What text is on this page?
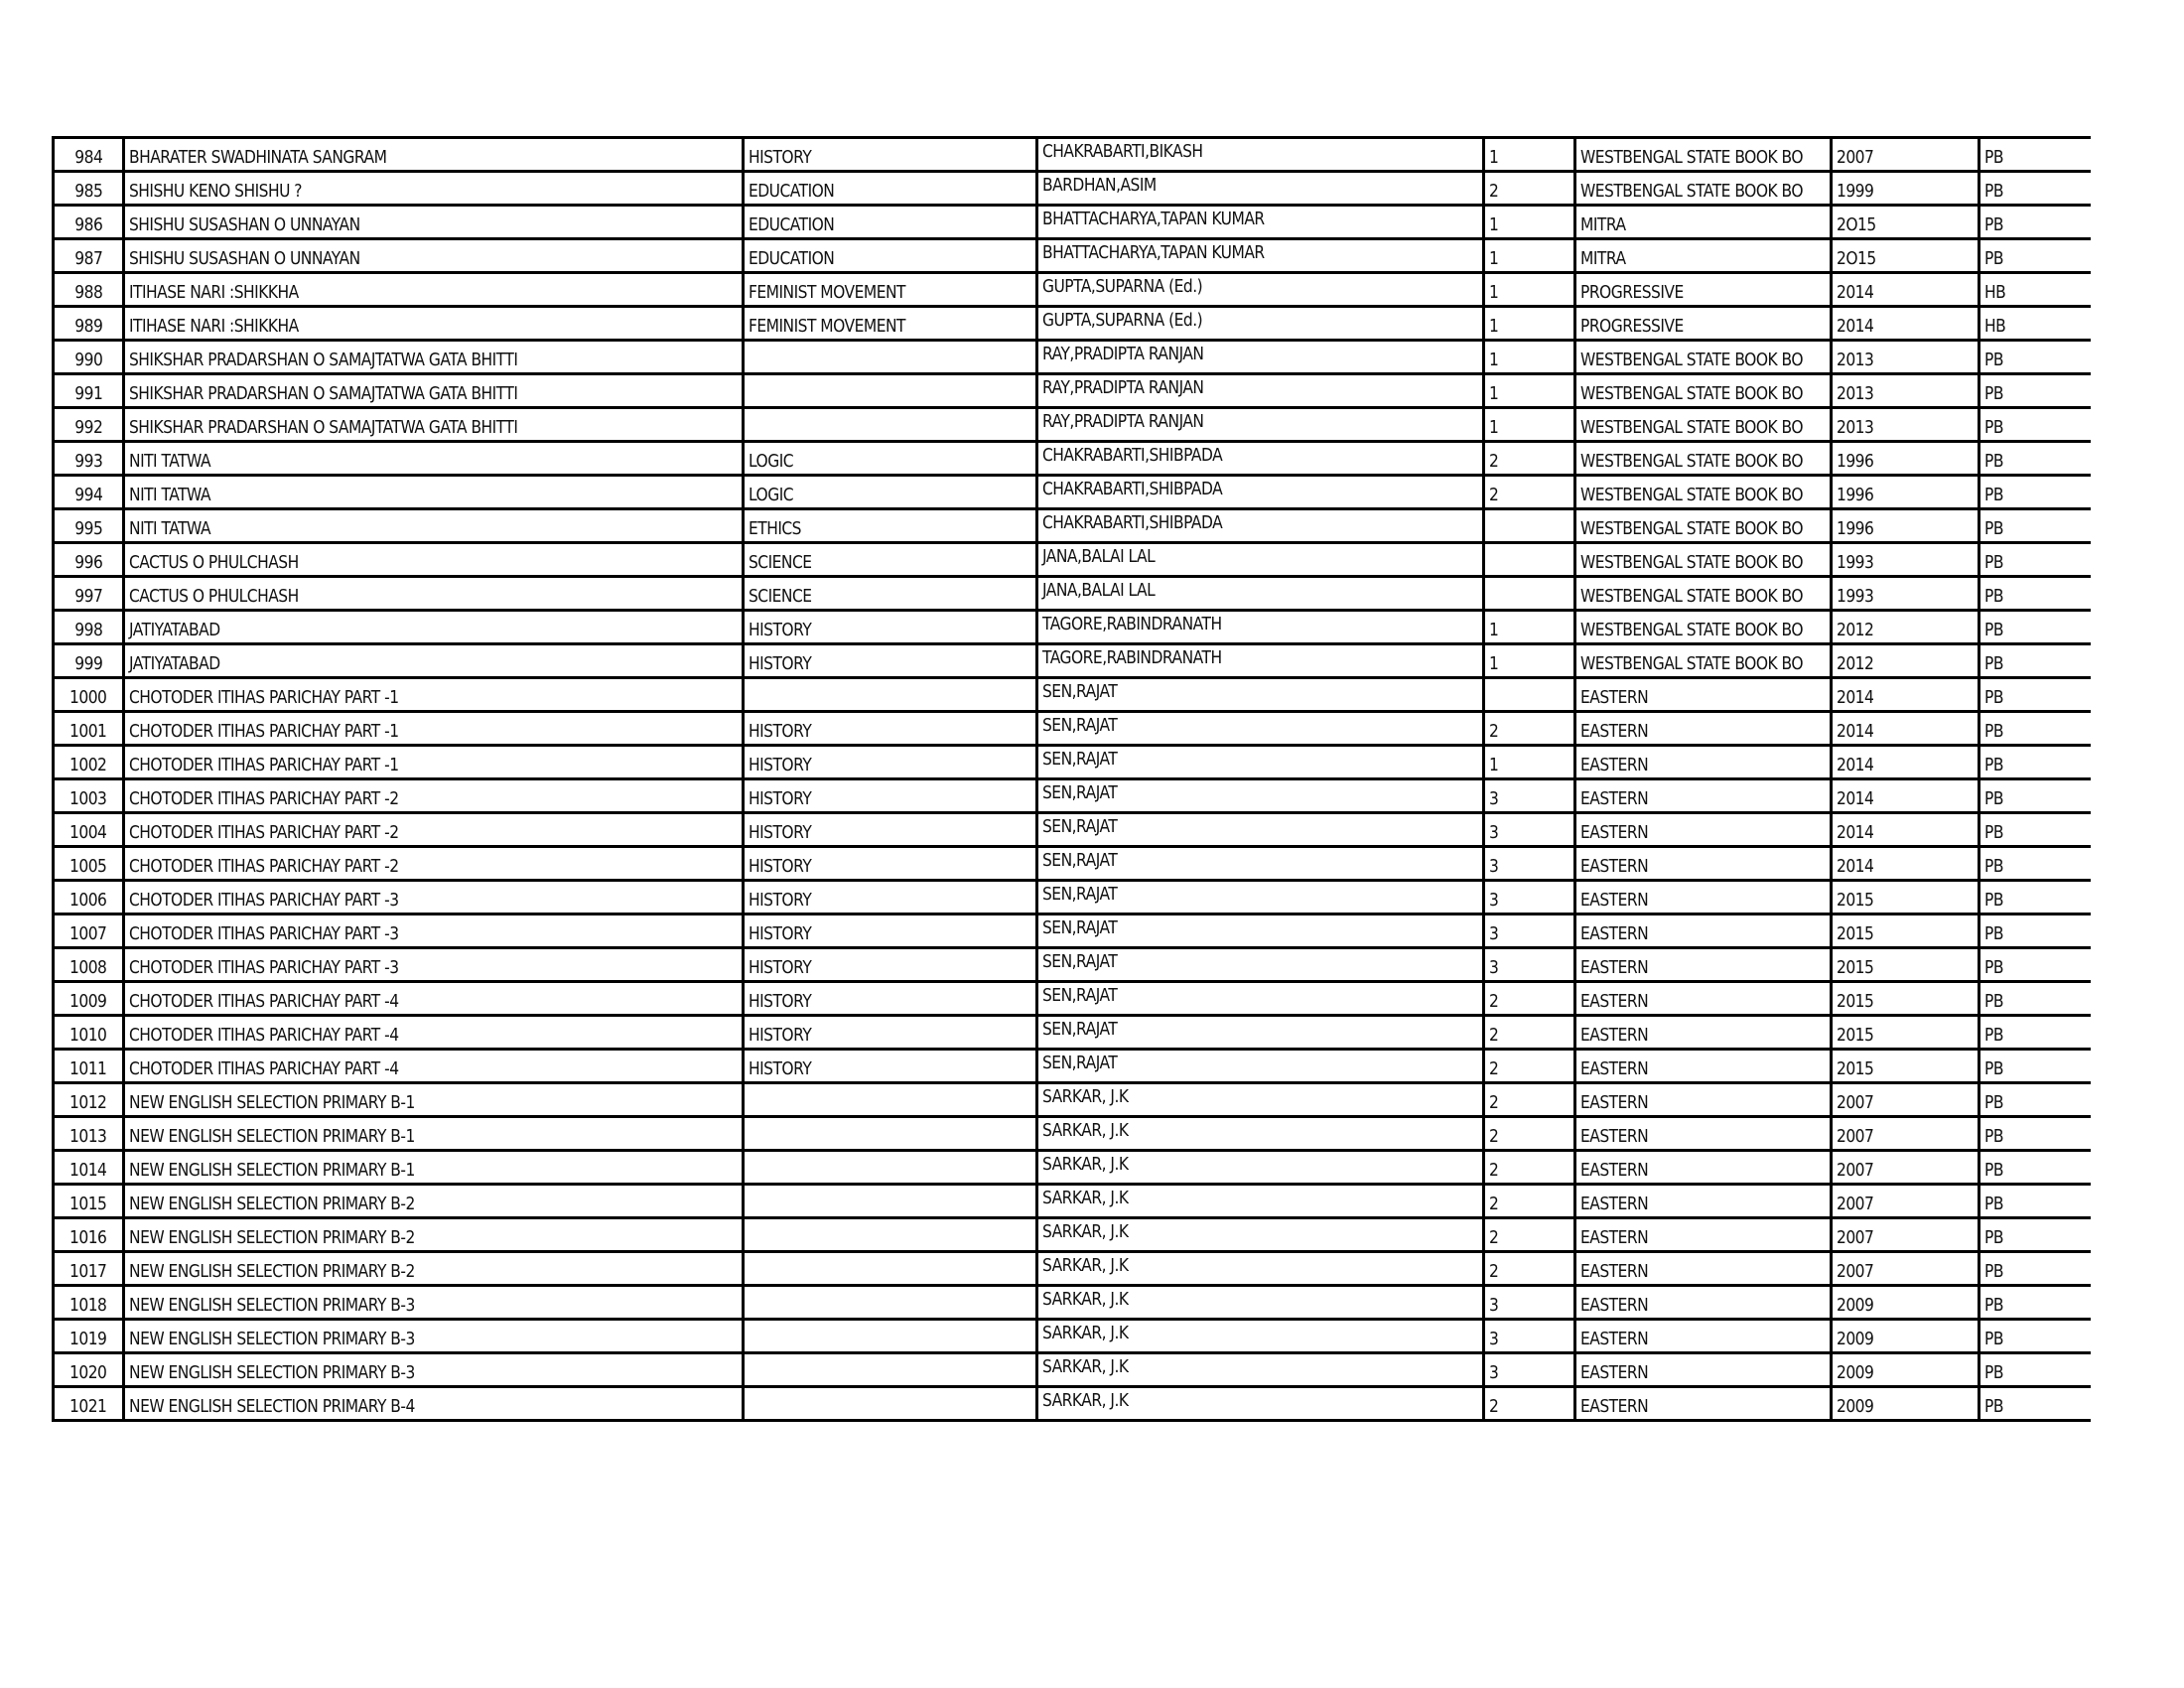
984	BHARATER SWADHINATA SANGRAM	HISTORY	CHAKRABARTI,BIKASH	1	WESTBENGAL STATE BOOK BO	2007	PB
985	SHISHU KENO SHISHU ?	EDUCATION	BARDHAN,ASIM	2	WESTBENGAL STATE BOOK BO	1999	PB
986	SHISHU SUSASHAN O UNNAYAN	EDUCATION	BHATTACHARYA,TAPAN KUMAR	1	MITRA	2O15	PB
987	SHISHU SUSASHAN O UNNAYAN	EDUCATION	BHATTACHARYA,TAPAN KUMAR	1	MITRA	2O15	PB
988	ITIHASE NARI :SHIKKHA	FEMINIST MOVEMENT	GUPTA,SUPARNA (Ed.)	1	PROGRESSIVE	2014	HB
989	ITIHASE NARI :SHIKKHA	FEMINIST MOVEMENT	GUPTA,SUPARNA (Ed.)	1	PROGRESSIVE	2014	HB
990	SHIKSHAR PRADARSHAN O SAMAJTATWA GATA BHITTI		RAY,PRADIPTA RANJAN	1	WESTBENGAL STATE BOOK BO	2013	PB
991	SHIKSHAR PRADARSHAN O SAMAJTATWA GATA BHITTI		RAY,PRADIPTA RANJAN	1	WESTBENGAL STATE BOOK BO	2013	PB
992	SHIKSHAR PRADARSHAN O SAMAJTATWA GATA BHITTI		RAY,PRADIPTA RANJAN	1	WESTBENGAL STATE BOOK BO	2013	PB
993	NITI TATWA	LOGIC	CHAKRABARTI,SHIBPADA	2	WESTBENGAL STATE BOOK BO	1996	PB
994	NITI TATWA	LOGIC	CHAKRABARTI,SHIBPADA	2	WESTBENGAL STATE BOOK BO	1996	PB
995	NITI TATWA	ETHICS	CHAKRABARTI,SHIBPADA		WESTBENGAL STATE BOOK BO	1996	PB
996	CACTUS O PHULCHASH	SCIENCE	JANA,BALAI LAL		WESTBENGAL STATE BOOK BO	1993	PB
997	CACTUS O PHULCHASH	SCIENCE	JANA,BALAI LAL		WESTBENGAL STATE BOOK BO	1993	PB
998	JATIYATABAD	HISTORY	TAGORE,RABINDRANATH	1	WESTBENGAL STATE BOOK BO	2012	PB
999	JATIYATABAD	HISTORY	TAGORE,RABINDRANATH	1	WESTBENGAL STATE BOOK BO	2012	PB
1000	CHOTODER ITIHAS PARICHAY PART -1		SEN,RAJAT		EASTERN	2014	PB
1001	CHOTODER ITIHAS PARICHAY PART -1	HISTORY	SEN,RAJAT	2	EASTERN	2014	PB
1002	CHOTODER ITIHAS PARICHAY PART -1	HISTORY	SEN,RAJAT	1	EASTERN	2014	PB
1003	CHOTODER ITIHAS PARICHAY PART -2	HISTORY	SEN,RAJAT	3	EASTERN	2014	PB
1004	CHOTODER ITIHAS PARICHAY PART -2	HISTORY	SEN,RAJAT	3	EASTERN	2014	PB
1005	CHOTODER ITIHAS PARICHAY PART -2	HISTORY	SEN,RAJAT	3	EASTERN	2014	PB
1006	CHOTODER ITIHAS PARICHAY PART -3	HISTORY	SEN,RAJAT	3	EASTERN	2015	PB
1007	CHOTODER ITIHAS PARICHAY PART -3	HISTORY	SEN,RAJAT	3	EASTERN	2015	PB
1008	CHOTODER ITIHAS PARICHAY PART -3	HISTORY	SEN,RAJAT	3	EASTERN	2015	PB
1009	CHOTODER ITIHAS PARICHAY PART -4	HISTORY	SEN,RAJAT	2	EASTERN	2015	PB
1010	CHOTODER ITIHAS PARICHAY PART -4	HISTORY	SEN,RAJAT	2	EASTERN	2015	PB
1011	CHOTODER ITIHAS PARICHAY PART -4	HISTORY	SEN,RAJAT	2	EASTERN	2015	PB
1012	NEW ENGLISH SELECTION PRIMARY B-1		SARKAR, J.K	2	EASTERN	2007	PB
1013	NEW ENGLISH SELECTION PRIMARY B-1		SARKAR, J.K	2	EASTERN	2007	PB
1014	NEW ENGLISH SELECTION PRIMARY B-1		SARKAR, J.K	2	EASTERN	2007	PB
1015	NEW ENGLISH SELECTION PRIMARY B-2		SARKAR, J.K	2	EASTERN	2007	PB
1016	NEW ENGLISH SELECTION PRIMARY B-2		SARKAR, J.K	2	EASTERN	2007	PB
1017	NEW ENGLISH SELECTION PRIMARY B-2		SARKAR, J.K	2	EASTERN	2007	PB
1018	NEW ENGLISH SELECTION PRIMARY B-3		SARKAR, J.K	3	EASTERN	2009	PB
1019	NEW ENGLISH SELECTION PRIMARY B-3		SARKAR, J.K	3	EASTERN	2009	PB
1020	NEW ENGLISH SELECTION PRIMARY B-3		SARKAR, J.K	3	EASTERN	2009	PB
1021	NEW ENGLISH SELECTION PRIMARY B-4		SARKAR, J.K	2	EASTERN	2009	PB
